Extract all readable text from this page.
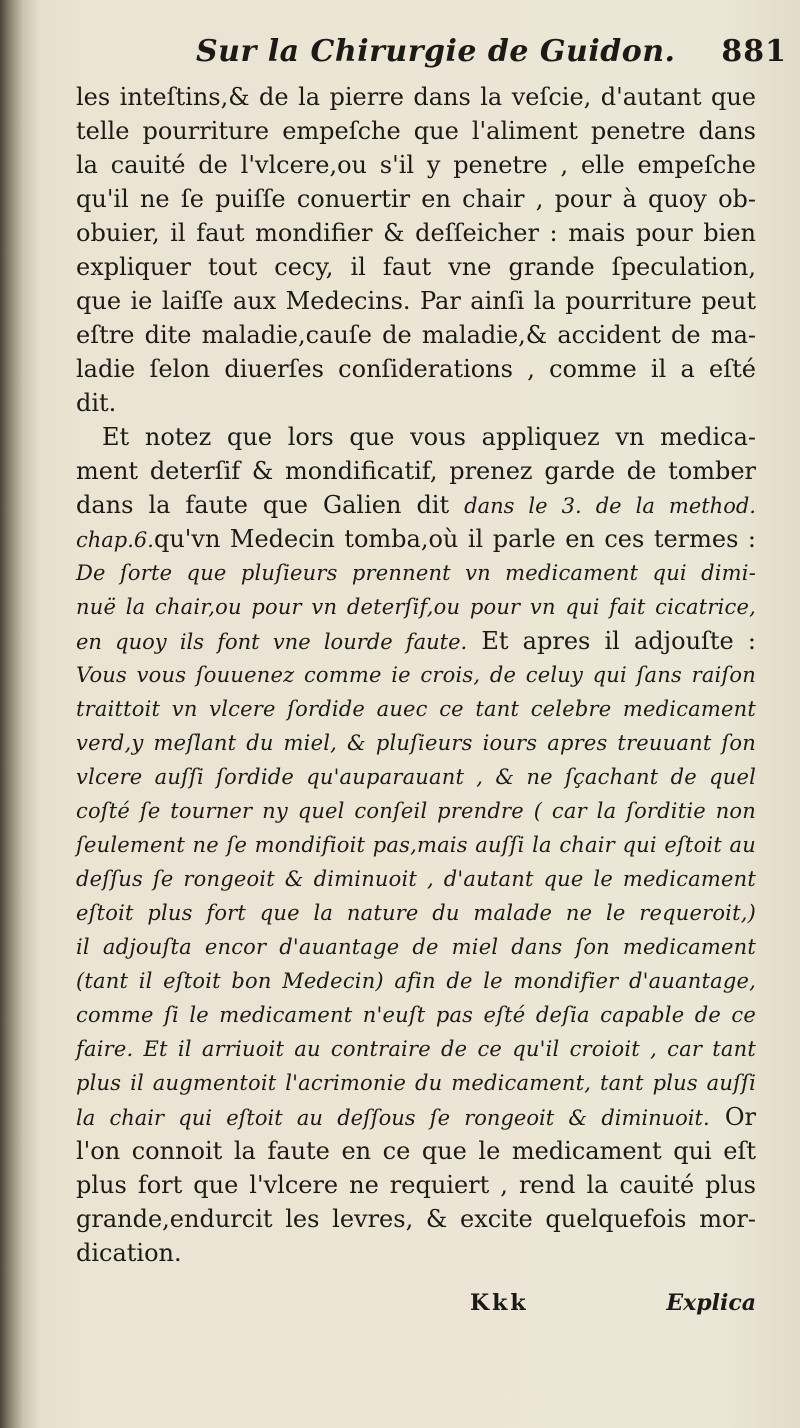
Sur la Chirurgie de Guidon. 881
les inteſtins,& de la pierre dans la veſcie, d'autant que
telle pourriture empeſche que l'aliment penetre dans
la cauité de l'vlcere,ou s'il y penetre , elle empeſche
qu'il ne ſe puiſſe conuertir en chair , pour à quoy ob-
obuier, il faut mondifier & deſſeicher : mais pour bien
expliquer tout cecy, il faut vne grande ſpeculation,
que ie laiſſe aux Medecins. Par ainſi la pourriture peut
eſtre dite maladie,cauſe de maladie,& accident de ma-
ladie ſelon diuerſes conſiderations , comme il a eſté
dit.
Et notez que lors que vous appliquez vn medica-
ment deterſif & mondificatif, prenez garde de tomber
dans la faute que Galien dit dans le 3. de la method.
chap.6.qu'vn Medecin tomba,où il parle en ces termes :
De ſorte que pluſieurs prennent vn medicament qui dimi-
nuë la chair,ou pour vn deterſif,ou pour vn qui fait cicatrice,
en quoy ils font vne lourde faute. Et apres il adjouſte :
Vous vous ſouuenez comme ie crois, de celuy qui ſans raiſon
traittoit vn vlcere ſordide auec ce tant celebre medicament
verd,y meſlant du miel, & pluſieurs iours apres treuuant ſon
vlcere auſſi ſordide qu'auparauant , & ne ſçachant de quel
coſté ſe tourner ny quel conſeil prendre ( car la ſorditie non
ſeulement ne ſe mondifioit pas,mais auſſi la chair qui eſtoit au
deſſus ſe rongeoit & diminuoit , d'autant que le medicament
eſtoit plus fort que la nature du malade ne le requeroit,)
il adjouſta encor d'auantage de miel dans ſon medicament
(tant il eſtoit bon Medecin) afin de le mondifier d'auantage,
comme ſi le medicament n'euſt pas eſté deſia capable de ce
faire. Et il arriuoit au contraire de ce qu'il croioit , car tant
plus il augmentoit l'acrimonie du medicament, tant plus auſſi
la chair qui eſtoit au deſſous ſe rongeoit & diminuoit. Or
l'on connoit la faute en ce que le medicament qui eſt
plus fort que l'vlcere ne requiert , rend la cauité plus
grande,endurcit les levres, & excite quelquefois mor-
dication.
Kkk	Explica
